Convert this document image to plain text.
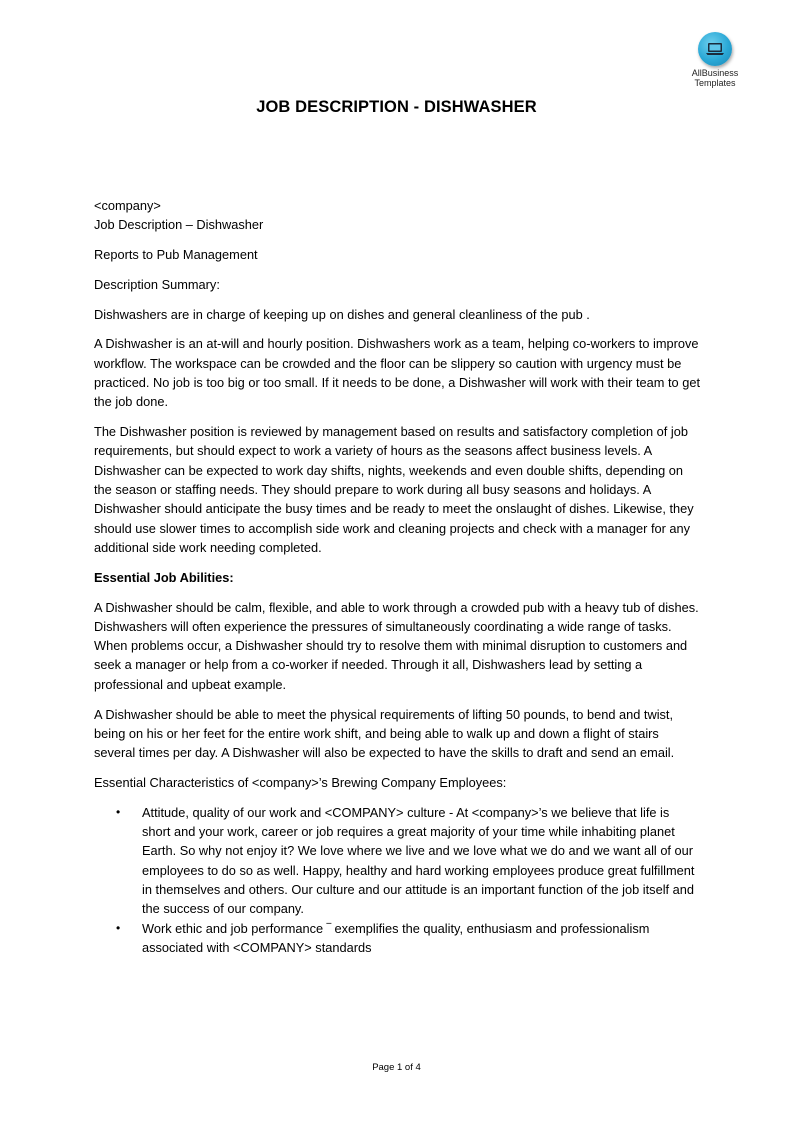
AllBusiness
Templates
JOB DESCRIPTION - DISHWASHER

<company>

Job Description – Dishwasher

Reports to Pub Management

Description Summary:

Dishwashers are in charge of keeping up on dishes and general cleanliness of the pub .

A Dishwasher is an at-will and hourly position. Dishwashers work as a team, helping co-workers to improve workflow. The workspace can be crowded and the floor can be slippery so caution with urgency must be practiced. No job is too big or too small. If it needs to be done, a Dishwasher will work with their team to get the job done.

The Dishwasher position is reviewed by management based on results and satisfactory completion of job requirements, but should expect to work a variety of hours as the seasons affect business levels. A Dishwasher can be expected to work day shifts, nights, weekends and even double shifts, depending on the season or staffing needs. They should prepare to work during all busy seasons and holidays. A Dishwasher should anticipate the busy times and be ready to meet the onslaught of dishes. Likewise, they should use slower times to accomplish side work and cleaning projects and check with a manager for any additional side work needing completed.

Essential Job Abilities:

A Dishwasher should be calm, flexible, and able to work through a crowded pub with a heavy tub of dishes. Dishwashers will often experience the pressures of simultaneously coordinating a wide range of tasks. When problems occur, a Dishwasher should try to resolve them with minimal disruption to customers and seek a manager or help from a co-worker if needed. Through it all, Dishwashers lead by setting a professional and upbeat example.

A Dishwasher should be able to meet the physical requirements of lifting 50 pounds, to bend and twist, being on his or her feet for the entire work shift, and being able to walk up and down a flight of stairs several times per day. A Dishwasher will also be expected to have the skills to draft and send an email.

Essential Characteristics of <company>’s Brewing Company Employees:

• Attitude, quality of our work and <COMPANY> culture - At <company>’s we believe that life is short and your work, career or job requires a great majority of your time while inhabiting planet Earth. So why not enjoy it? We love where we live and we love what we do and we want all of our employees to do so as well. Happy, healthy and hard working employees produce great fulfillment in themselves and others. Our culture and our attitude is an important function of the job itself and the success of our company.
• Work ethic and job performance ‾ exemplifies the quality, enthusiasm and professionalism associated with <COMPANY> standards
Page 1 of 4
